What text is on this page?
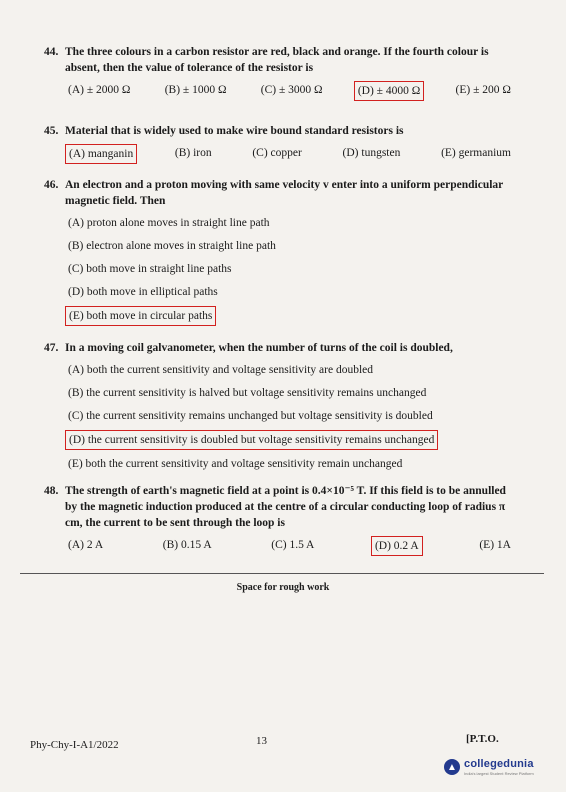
44. The three colours in a carbon resistor are red, black and orange. If the fourth colour is absent, then the value of tolerance of the resistor is
(A) ± 2000 Ω	(B) ± 1000 Ω	(C) ± 3000 Ω	(D) ± 4000 Ω	(E) ± 200 Ω
45. Material that is widely used to make wire bound standard resistors is
(A) manganin	(B) iron	(C) copper	(D) tungsten	(E) germanium
46. An electron and a proton moving with same velocity v enter into a uniform perpendicular magnetic field. Then
(A) proton alone moves in straight line path
(B) electron alone moves in straight line path
(C) both move in straight line paths
(D) both move in elliptical paths
(E) both move in circular paths
47. In a moving coil galvanometer, when the number of turns of the coil is doubled,
(A) both the current sensitivity and voltage sensitivity are doubled
(B) the current sensitivity is halved but voltage sensitivity remains unchanged
(C) the current sensitivity remains unchanged but voltage sensitivity is doubled
(D) the current sensitivity is doubled but voltage sensitivity remains unchanged
(E) both the current sensitivity and voltage sensitivity remain unchanged
48. The strength of earth's magnetic field at a point is 0.4×10⁻⁵ T. If this field is to be annulled by the magnetic induction produced at the centre of a circular conducting loop of radius π cm, the current to be sent through the loop is
(A) 2 A	(B) 0.15 A	(C) 1.5 A	(D) 0.2 A	(E) 1A
Space for rough work
Phy-Chy-I-A1/2022	13	[P.T.O.
▲ collegedunia
India's largest Student Review Platform
